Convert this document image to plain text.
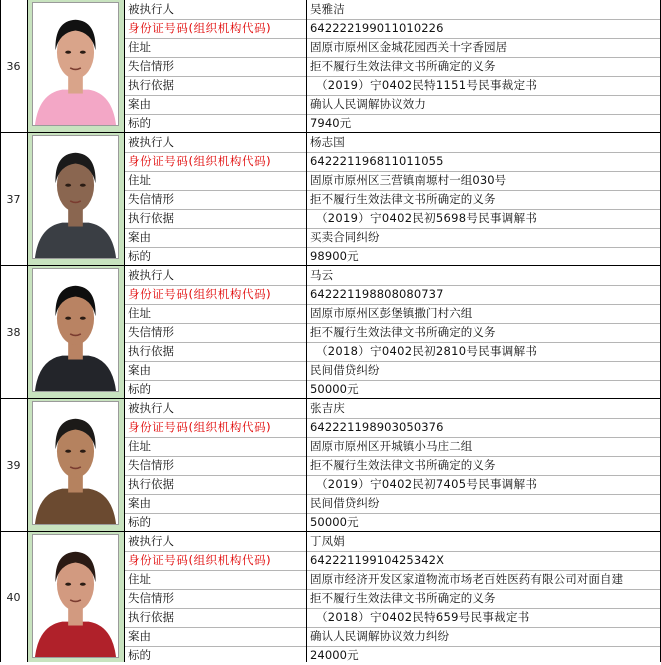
36
被执行人	吴雅洁
身份证号码(组织机构代码)	642222199011010226
住址	固原市原州区金城花园西关十字香园居
失信情形	拒不履行生效法律文书所确定的义务
执行依据	（2019）宁0402民特1151号民事裁定书
案由	确认人民调解协议效力
标的	7940元
37
被执行人	杨志国
身份证号码(组织机构代码)	642221196811011055
住址	固原市原州区三营镇南塬村一组030号
失信情形	拒不履行生效法律文书所确定的义务
执行依据	（2019）宁0402民初5698号民事调解书
案由	买卖合同纠纷
标的	98900元
38
被执行人	马云
身份证号码(组织机构代码)	642221198808080737
住址	固原市原州区彭堡镇撒门村六组
失信情形	拒不履行生效法律文书所确定的义务
执行依据	（2018）宁0402民初2810号民事调解书
案由	民间借贷纠纷
标的	50000元
39
被执行人	张吉庆
身份证号码(组织机构代码)	642221198903050376
住址	固原市原州区开城镇小马庄二组
失信情形	拒不履行生效法律文书所确定的义务
执行依据	（2019）宁0402民初7405号民事调解书
案由	民间借贷纠纷
标的	50000元
40
被执行人	丁凤娟
身份证号码(组织机构代码)	64222119910425342X
住址	固原市经济开发区家道物流市场老百姓医药有限公司对面自建
失信情形	拒不履行生效法律文书所确定的义务
执行依据	（2018）宁0402民特659号民事裁定书
案由	确认人民调解协议效力纠纷
标的	24000元
